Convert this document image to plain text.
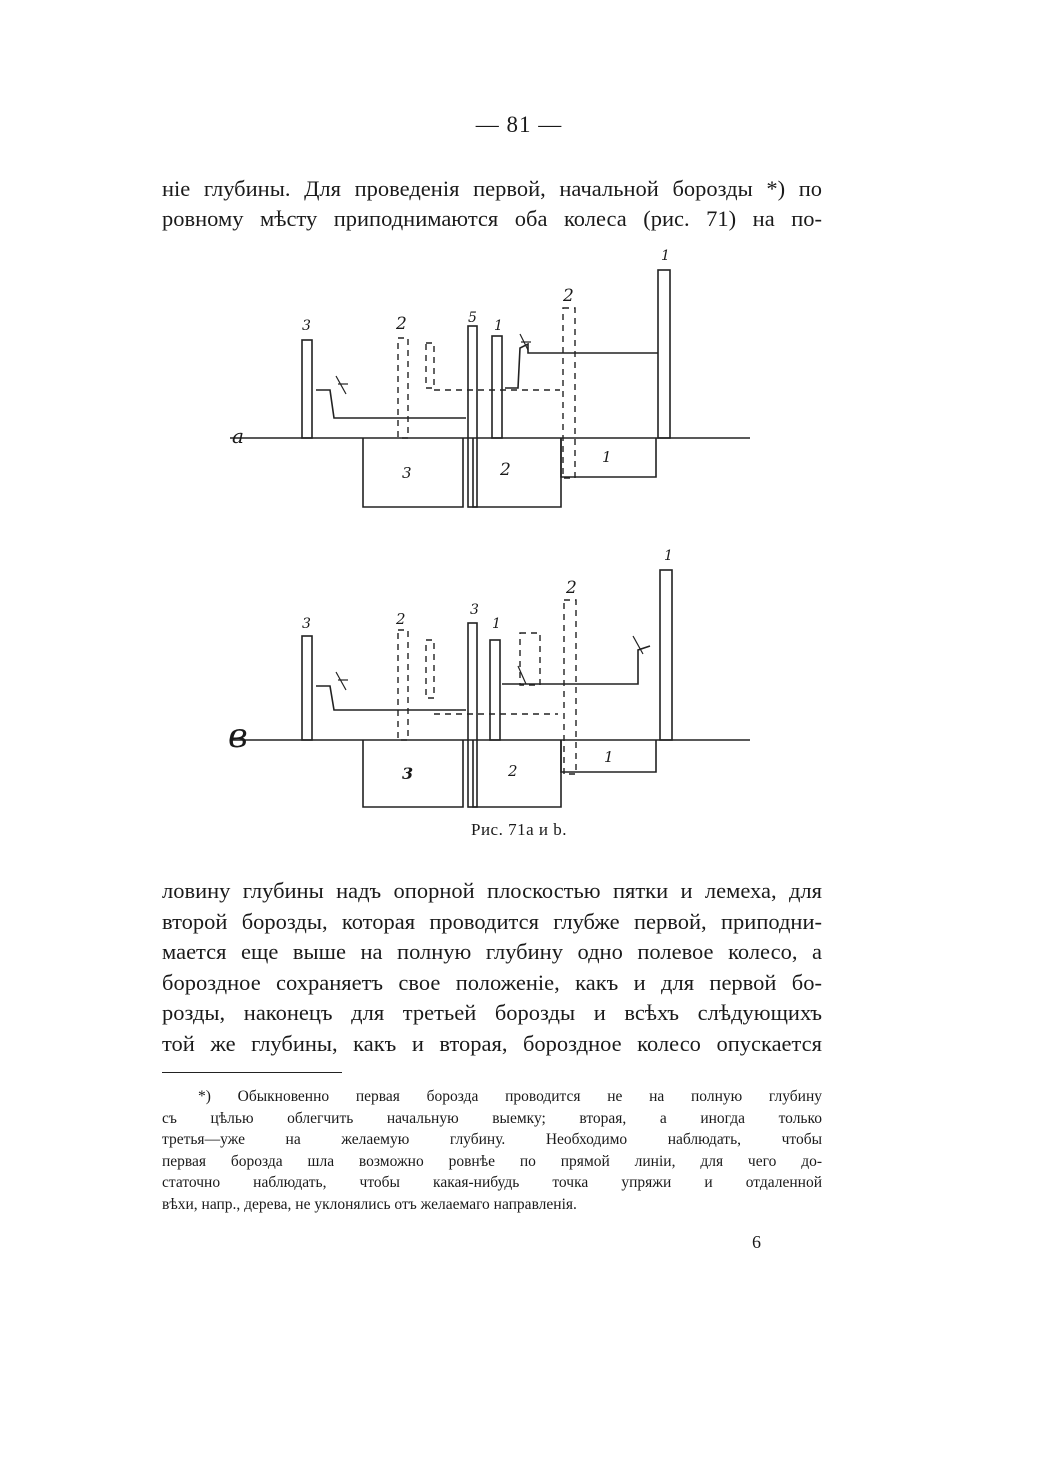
— 81 —
ніе глубины. Для проведенія первой, начальной борозды *) по
ровному мѣсту приподнимаются оба колеса (рис. 71) на по-
a
3	2	5 1
2
1
3	2
1
в
3	2	3
1
2
1
3	2
1
Рис. 71a и b.
ловину глубины надъ опорной плоскостью пятки и лемеха, для
второй борозды, которая проводится глубже первой, приподни-
мается еще выше на полную глубину одно полевое колесо, а
бороздное сохраняетъ свое положеніе, какъ и для первой бо-
розды, наконецъ для третьей борозды и всѣхъ слѣдующихъ
той же глубины, какъ и вторая, бороздное колесо опускается
*) Обыкновенно первая борозда проводится не на полную глубину
съ цѣлью облегчить начальную выемку; вторая, а иногда только
третья—уже на желаемую глубину. Необходимо наблюдать, чтобы
первая борозда шла возможно ровнѣе по прямой линіи, для чего до-
статочно наблюдать, чтобы какая-нибудь точка упряжи и отдаленной
вѣхи, напр., дерева, не уклонялись отъ желаемаго направленія.
6
